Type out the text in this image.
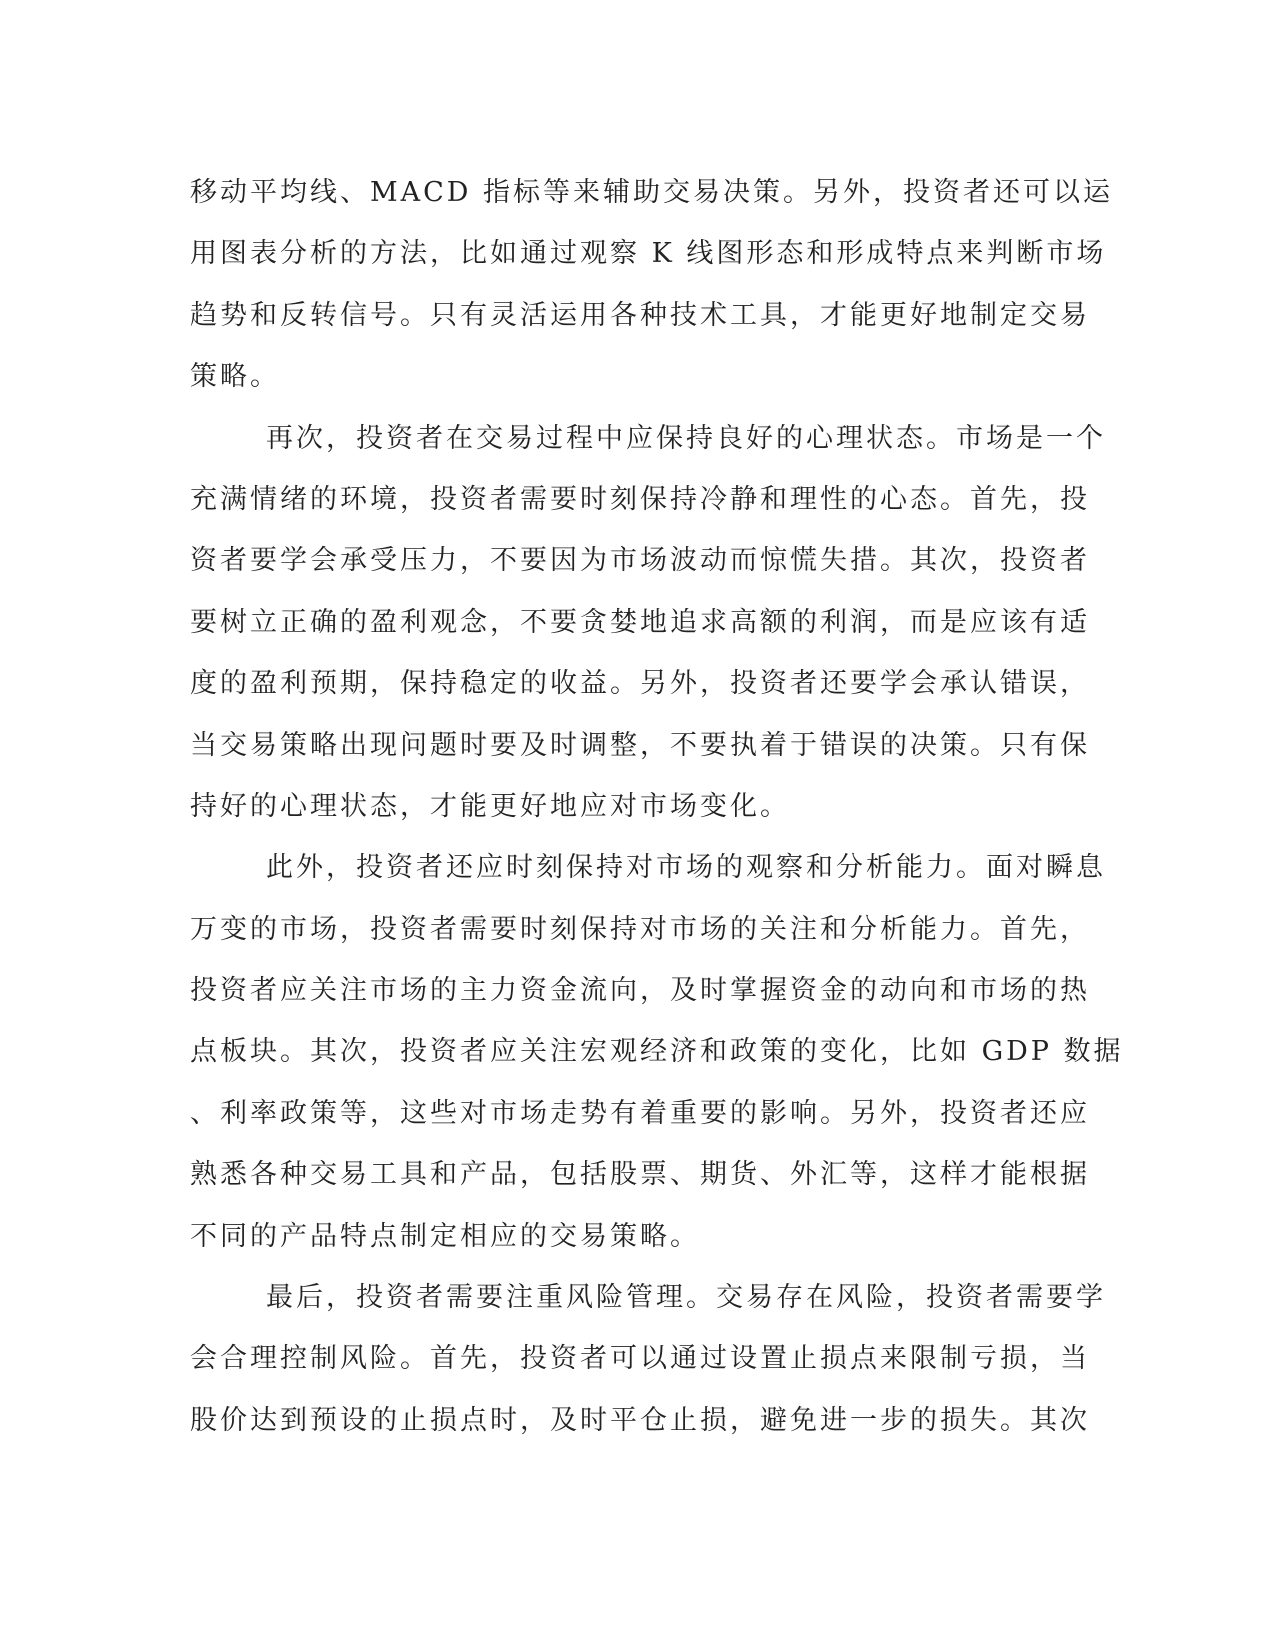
移动平均线、MACD 指标等来辅助交易决策。另外，投资者还可以运
用图表分析的方法，比如通过观察 K 线图形态和形成特点来判断市场
趋势和反转信号。只有灵活运用各种技术工具，才能更好地制定交易
策略。
再次，投资者在交易过程中应保持良好的心理状态。市场是一个
充满情绪的环境，投资者需要时刻保持冷静和理性的心态。首先，投
资者要学会承受压力，不要因为市场波动而惊慌失措。其次，投资者
要树立正确的盈利观念，不要贪婪地追求高额的利润，而是应该有适
度的盈利预期，保持稳定的收益。另外，投资者还要学会承认错误，
当交易策略出现问题时要及时调整，不要执着于错误的决策。只有保
持好的心理状态，才能更好地应对市场变化。
此外，投资者还应时刻保持对市场的观察和分析能力。面对瞬息
万变的市场，投资者需要时刻保持对市场的关注和分析能力。首先，
投资者应关注市场的主力资金流向，及时掌握资金的动向和市场的热
点板块。其次，投资者应关注宏观经济和政策的变化，比如 GDP 数据
、利率政策等，这些对市场走势有着重要的影响。另外，投资者还应
熟悉各种交易工具和产品，包括股票、期货、外汇等，这样才能根据
不同的产品特点制定相应的交易策略。
最后，投资者需要注重风险管理。交易存在风险，投资者需要学
会合理控制风险。首先，投资者可以通过设置止损点来限制亏损，当
股价达到预设的止损点时，及时平仓止损，避免进一步的损失。其次
